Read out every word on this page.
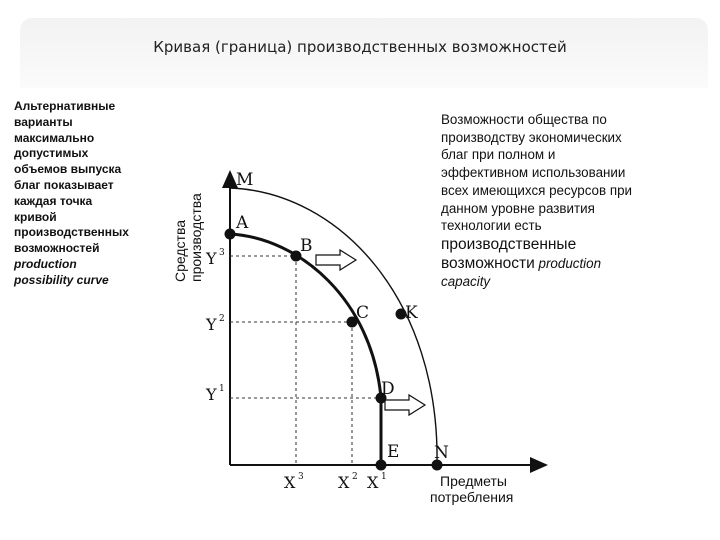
Кривая (граница) производственных возможностей
Альтернативные
варианты
максимально
допустимых
объемов выпуска
благ показывает
каждая точка
кривой
производственных
возможностей
production
possibility curve
Возможности общества по
производству экономических
благ при полном и
эффективном использовании
всех имеющихся ресурсов при
данном уровне развития
технологии есть
производственные
возможности production
capacity
M
A
B
C K
D
E N
Y 3
Y 2
Y 1
X 3 X 2 X 1
Средства производства
Предметы
потребления
